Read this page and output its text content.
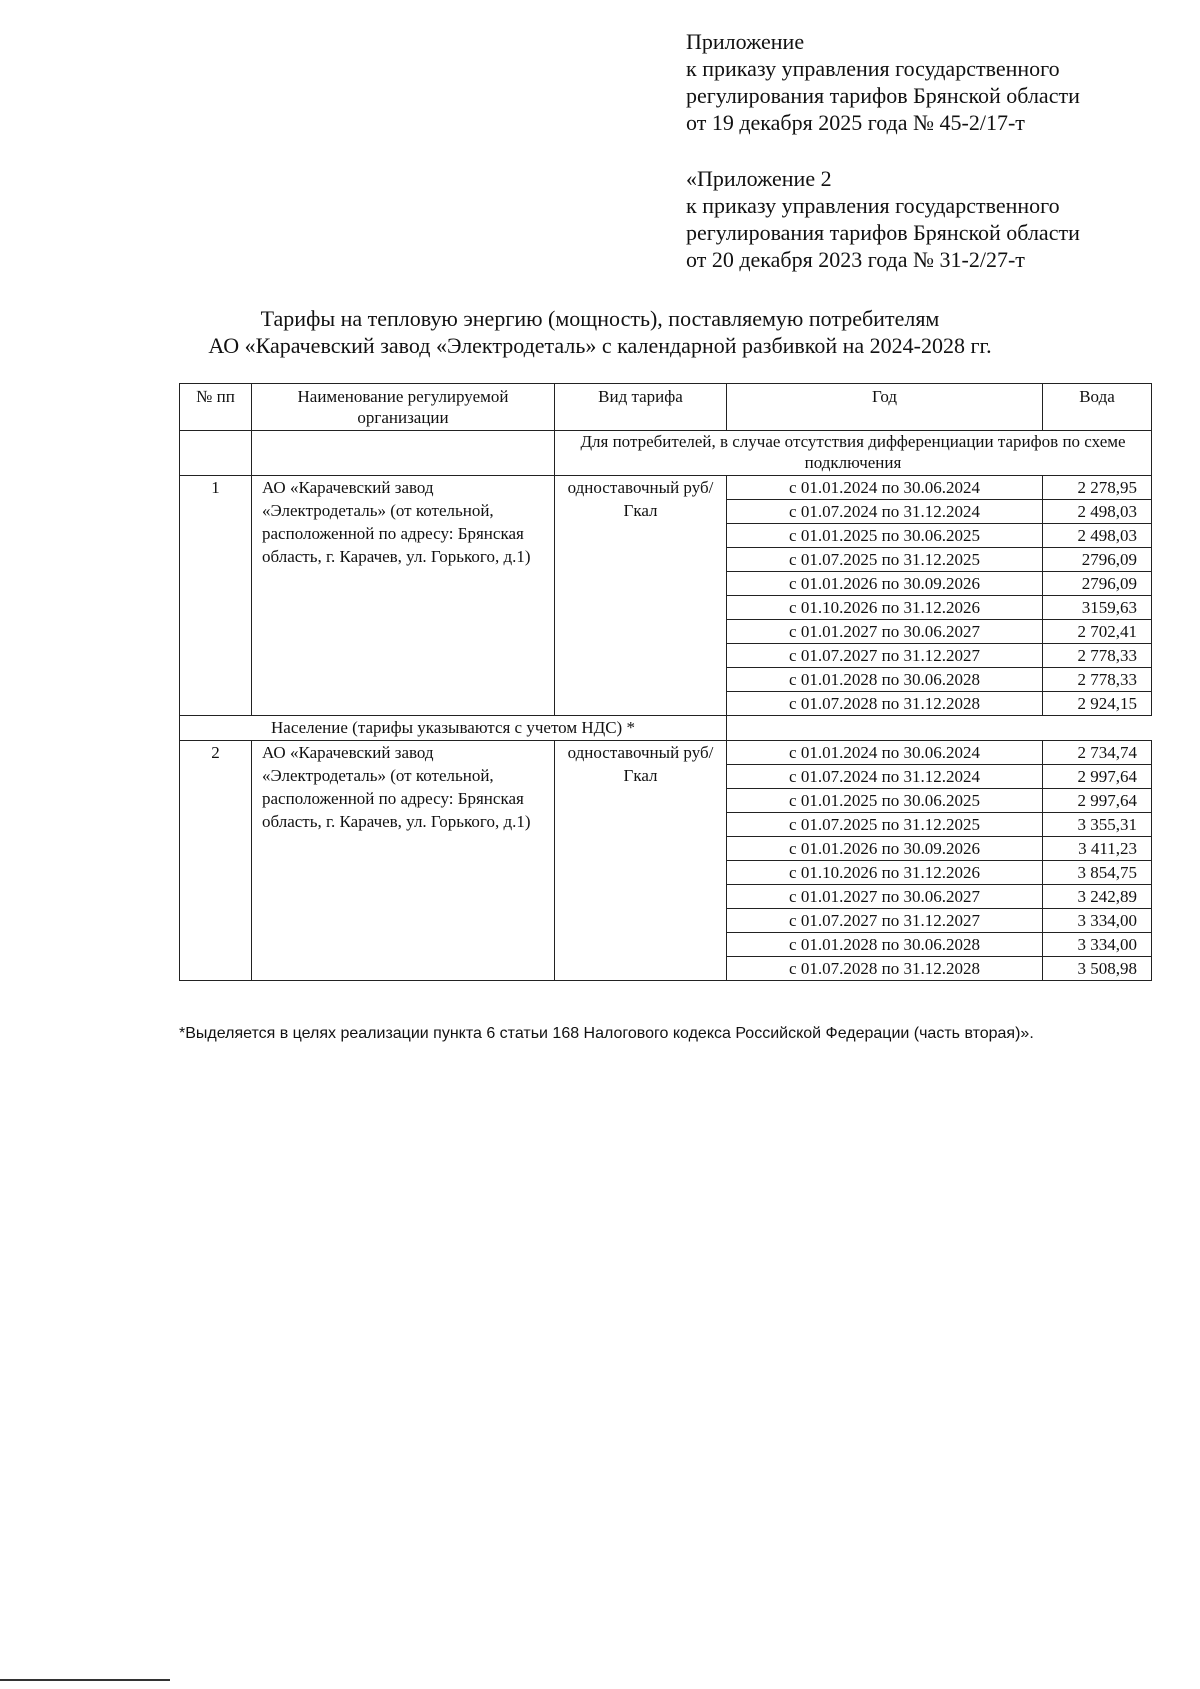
Приложение
к приказу управления государственного
регулирования тарифов Брянской области
от 19 декабря 2025 года № 45-2/17-т
«Приложение 2
к приказу управления государственного
регулирования тарифов Брянской области
от 20 декабря 2023 года № 31-2/27-т
Тарифы на тепловую энергию (мощность), поставляемую потребителям
АО «Карачевский завод «Электродеталь» с календарной разбивкой на 2024-2028 гг.
№ пп	Наименование регулируемой организации	Вид тарифа	Год	Вода
		Для потребителей, в случае отсутствия дифференциации тарифов по схеме подключения		
1	АО «Карачевский завод «Электродеталь» (от котельной, расположенной по адресу: Брянская область, г. Карачев, ул. Горького, д.1)	одноставочный руб/Гкал	с 01.01.2024 по 30.06.2024	2 278,95
			с 01.07.2024 по 31.12.2024	2 498,03
			с 01.01.2025 по 30.06.2025	2 498,03
			с 01.07.2025 по 31.12.2025	2796,09
			с 01.01.2026 по 30.09.2026	2796,09
			с 01.10.2026 по 31.12.2026	3159,63
			с 01.01.2027 по 30.06.2027	2 702,41
			с 01.07.2027 по 31.12.2027	2 778,33
			с 01.01.2028 по 30.06.2028	2 778,33
			с 01.07.2028 по 31.12.2028	2 924,15
Население (тарифы указываются с учетом НДС) *				
2	АО «Карачевский завод «Электродеталь» (от котельной, расположенной по адресу: Брянская область, г. Карачев, ул. Горького, д.1)	одноставочный руб/Гкал	с 01.01.2024 по 30.06.2024	2 734,74
			с 01.07.2024 по 31.12.2024	2 997,64
			с 01.01.2025 по 30.06.2025	2 997,64
			с 01.07.2025 по 31.12.2025	3 355,31
			с 01.01.2026 по 30.09.2026	3 411,23
			с 01.10.2026 по 31.12.2026	3 854,75
			с 01.01.2027 по 30.06.2027	3 242,89
			с 01.07.2027 по 31.12.2027	3 334,00
			с 01.01.2028 по 30.06.2028	3 334,00
			с 01.07.2028 по 31.12.2028	3 508,98
*Выделяется в целях реализации пункта 6 статьи 168 Налогового кодекса Российской Федерации (часть вторая)».
